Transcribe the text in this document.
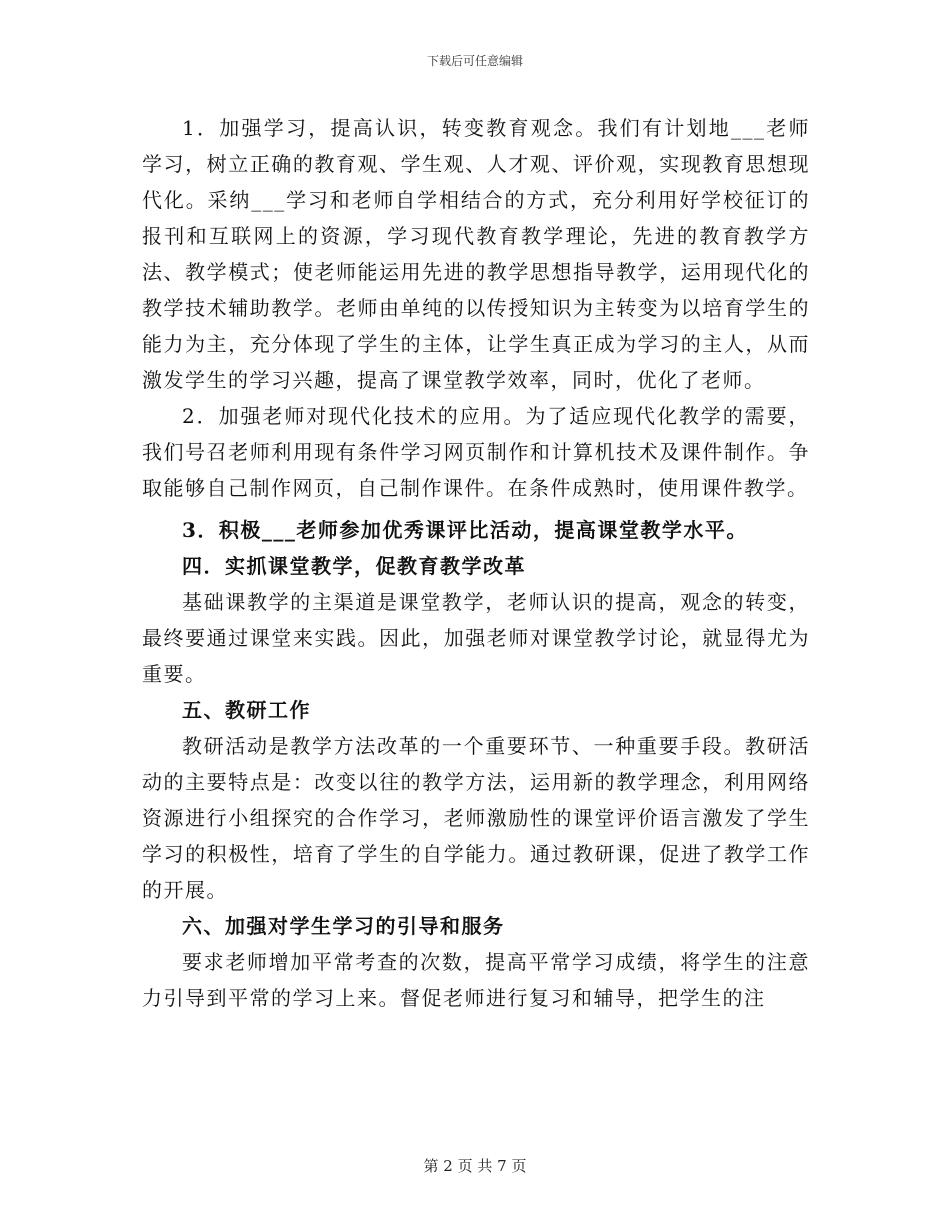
下载后可任意编辑

1．加强学习，提高认识，转变教育观念。我们有计划地___老师学习，树立正确的教育观、学生观、人才观、评价观，实现教育思想现代化。采纳___学习和老师自学相结合的方式，充分利用好学校征订的报刊和互联网上的资源，学习现代教育教学理论，先进的教育教学方法、教学模式；使老师能运用先进的教学思想指导教学，运用现代化的教学技术辅助教学。老师由单纯的以传授知识为主转变为以培育学生的能力为主，充分体现了学生的主体，让学生真正成为学习的主人，从而激发学生的学习兴趣，提高了课堂教学效率，同时，优化了老师。

2．加强老师对现代化技术的应用。为了适应现代化教学的需要，我们号召老师利用现有条件学习网页制作和计算机技术及课件制作。争取能够自己制作网页，自己制作课件。在条件成熟时，使用课件教学。

3．积极___老师参加优秀课评比活动，提高课堂教学水平。

四．实抓课堂教学，促教育教学改革

基础课教学的主渠道是课堂教学，老师认识的提高，观念的转变，最终要通过课堂来实践。因此，加强老师对课堂教学讨论，就显得尤为重要。

五、教研工作

教研活动是教学方法改革的一个重要环节、一种重要手段。教研活动的主要特点是：改变以往的教学方法，运用新的教学理念，利用网络资源进行小组探究的合作学习，老师激励性的课堂评价语言激发了学生学习的积极性，培育了学生的自学能力。通过教研课，促进了教学工作的开展。

六、加强对学生学习的引导和服务

要求老师增加平常考查的次数，提高平常学习成绩，将学生的注意力引导到平常的学习上来。督促老师进行复习和辅导，把学生的注

第 2 页 共 7 页
